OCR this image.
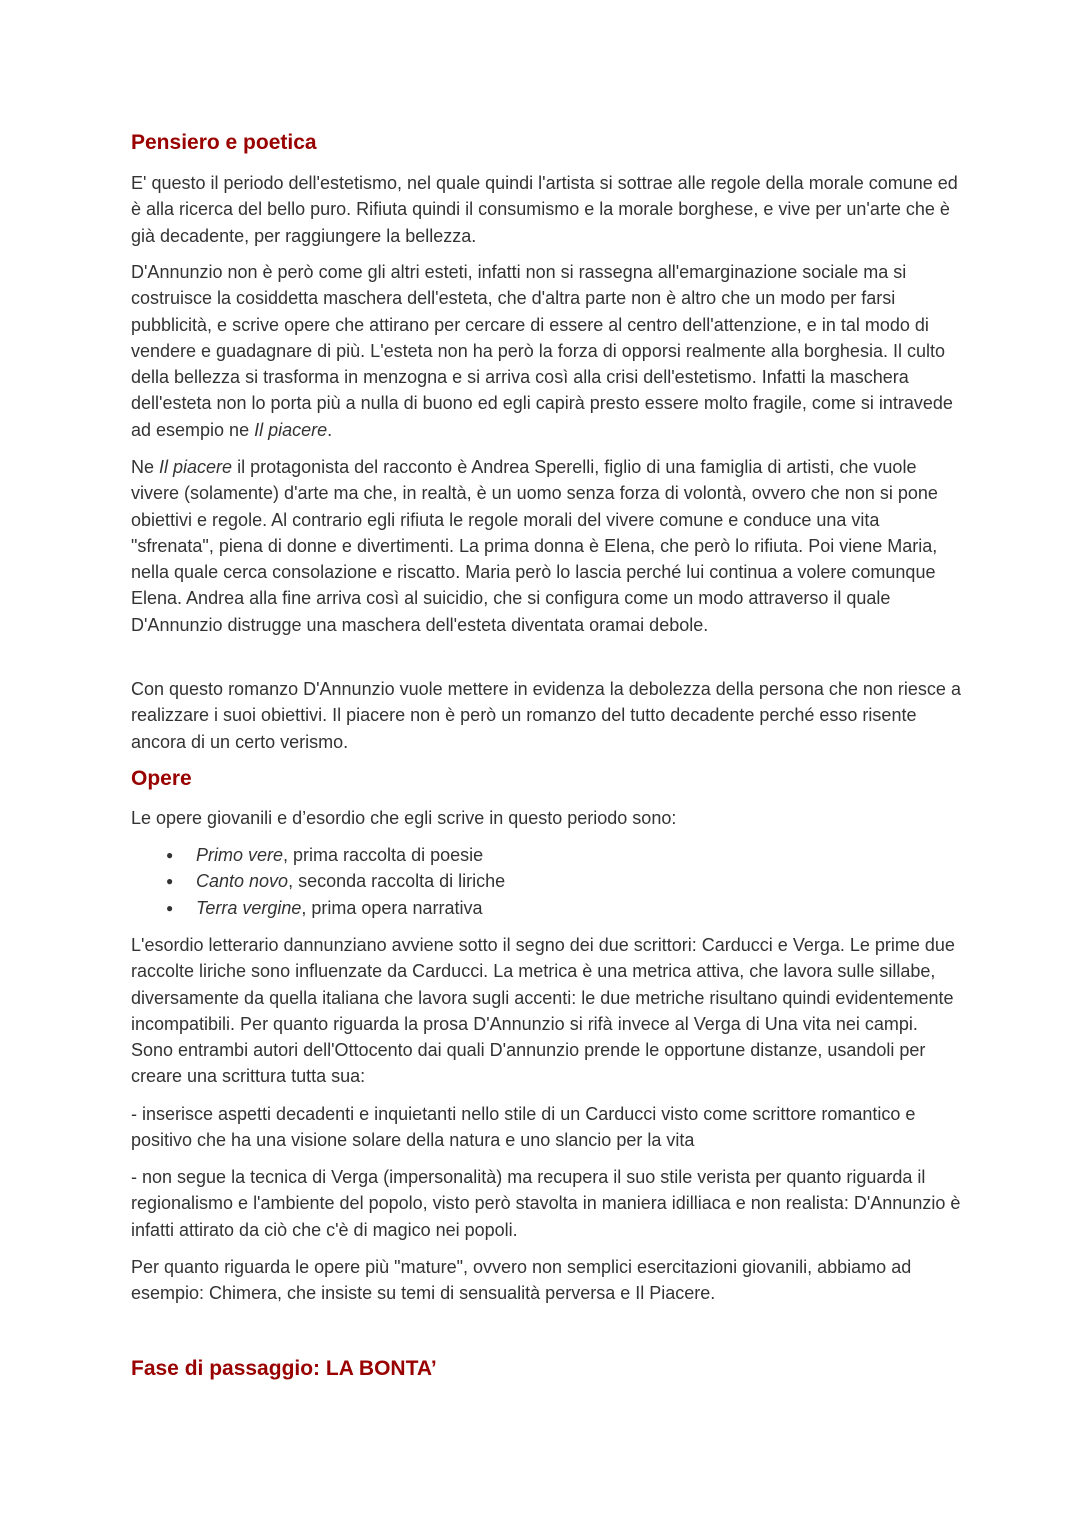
Pensiero e poetica

E' questo il periodo dell'estetismo, nel quale quindi l'artista si sottrae alle regole della morale comune ed è alla ricerca del bello puro. Rifiuta quindi il consumismo e la morale borghese, e vive per un'arte che è già decadente, per raggiungere la bellezza.

D'Annunzio non è però come gli altri esteti, infatti non si rassegna all'emarginazione sociale ma si costruisce la cosiddetta maschera dell'esteta, che d'altra parte non è altro che un modo per farsi pubblicità, e scrive opere che attirano per cercare di essere al centro dell'attenzione, e in tal modo di vendere e guadagnare di più. L'esteta non ha però la forza di opporsi realmente alla borghesia. Il culto della bellezza si trasforma in menzogna e si arriva così alla crisi dell'estetismo. Infatti la maschera dell'esteta non lo porta più a nulla di buono ed egli capirà presto essere molto fragile, come si intravede ad esempio ne Il piacere.

Ne Il piacere il protagonista del racconto è Andrea Sperelli, figlio di una famiglia di artisti, che vuole vivere (solamente) d'arte ma che, in realtà, è un uomo senza forza di volontà, ovvero che non si pone obiettivi e regole. Al contrario egli rifiuta le regole morali del vivere comune e conduce una vita "sfrenata", piena di donne e divertimenti. La prima donna è Elena, che però lo rifiuta. Poi viene Maria, nella quale cerca consolazione e riscatto. Maria però lo lascia perché lui continua a volere comunque Elena. Andrea alla fine arriva così al suicidio, che si configura come un modo attraverso il quale D'Annunzio distrugge una maschera dell'esteta diventata oramai debole.

Con questo romanzo D'Annunzio vuole mettere in evidenza la debolezza della persona che non riesce a realizzare i suoi obiettivi. Il piacere non è però un romanzo del tutto decadente perché esso risente ancora di un certo verismo.

Opere

Le opere giovanili e d’esordio che egli scrive in questo periodo sono:

● Primo vere, prima raccolta di poesie
● Canto novo, seconda raccolta di liriche
● Terra vergine, prima opera narrativa

L'esordio letterario dannunziano avviene sotto il segno dei due scrittori: Carducci e Verga. Le prime due raccolte liriche sono influenzate da Carducci. La metrica è una metrica attiva, che lavora sulle sillabe, diversamente da quella italiana che lavora sugli accenti: le due metriche risultano quindi evidentemente incompatibili. Per quanto riguarda la prosa D'Annunzio si rifà invece al Verga di Una vita nei campi. Sono entrambi autori dell'Ottocento dai quali D'annunzio prende le opportune distanze, usandoli per creare una scrittura tutta sua:

- inserisce aspetti decadenti e inquietanti nello stile di un Carducci visto come scrittore romantico e positivo che ha una visione solare della natura e uno slancio per la vita

- non segue la tecnica di Verga (impersonalità) ma recupera il suo stile verista per quanto riguarda il regionalismo e l'ambiente del popolo, visto però stavolta in maniera idilliaca e non realista: D'Annunzio è infatti attirato da ciò che c'è di magico nei popoli.

Per quanto riguarda le opere più "mature", ovvero non semplici esercitazioni giovanili, abbiamo ad esempio: Chimera, che insiste su temi di sensualità perversa e Il Piacere.

Fase di passaggio: LA BONTA’
